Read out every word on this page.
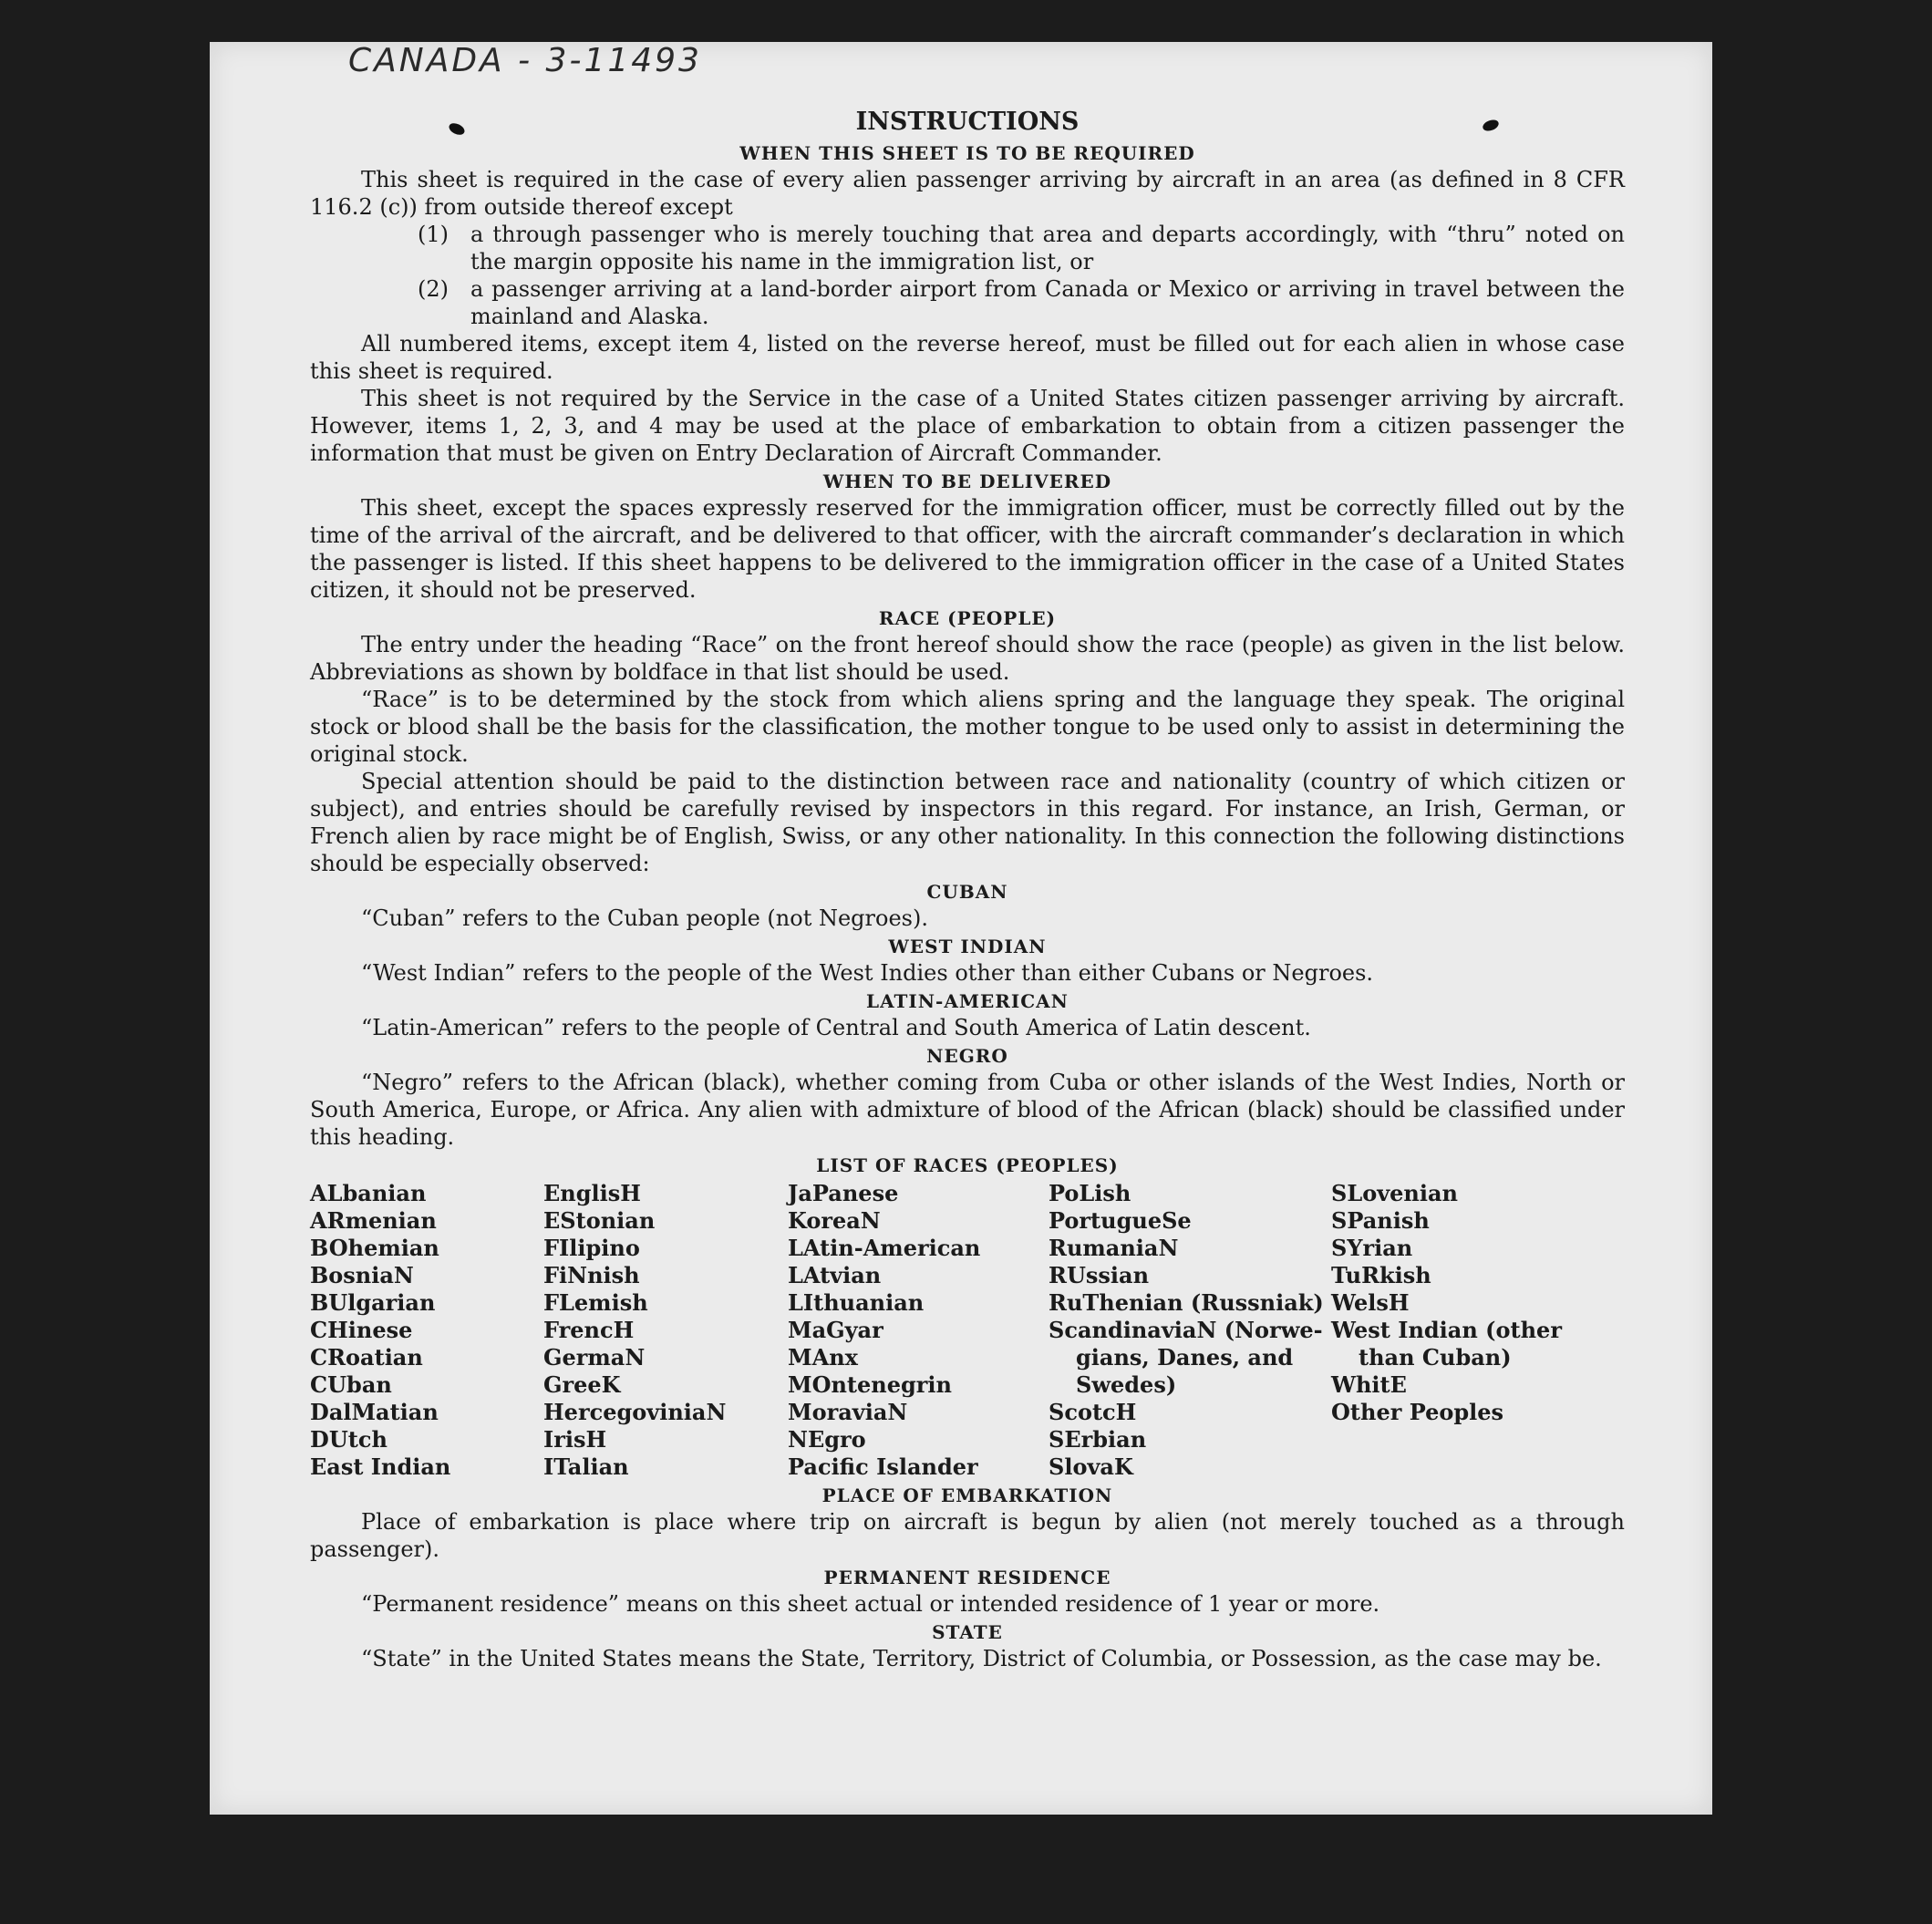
CANADA - 3-11493
INSTRUCTIONS
WHEN THIS SHEET IS TO BE REQUIRED

This sheet is required in the case of every alien passenger arriving by aircraft in an area (as defined in 8 CFR 116.2 (c)) from outside thereof except

(1)	a through passenger who is merely touching that area and departs accordingly, with “thru” noted on the margin opposite his name in the immigration list, or
(2)	a passenger arriving at a land-border airport from Canada or Mexico or arriving in travel between the mainland and Alaska.

All numbered items, except item 4, listed on the reverse hereof, must be filled out for each alien in whose case this sheet is required.

This sheet is not required by the Service in the case of a United States citizen passenger arriving by aircraft. However, items 1, 2, 3, and 4 may be used at the place of embarkation to obtain from a citizen passenger the information that must be given on Entry Declaration of Aircraft Commander.

WHEN TO BE DELIVERED

This sheet, except the spaces expressly reserved for the immigration officer, must be correctly filled out by the time of the arrival of the aircraft, and be delivered to that officer, with the aircraft commander’s declaration in which the passenger is listed. If this sheet happens to be delivered to the immigration officer in the case of a United States citizen, it should not be preserved.

RACE (PEOPLE)

The entry under the heading “Race” on the front hereof should show the race (people) as given in the list below. Abbreviations as shown by boldface in that list should be used.

“Race” is to be determined by the stock from which aliens spring and the language they speak. The original stock or blood shall be the basis for the classification, the mother tongue to be used only to assist in determining the original stock.

Special attention should be paid to the distinction between race and nationality (country of which citizen or subject), and entries should be carefully revised by inspectors in this regard. For instance, an Irish, German, or French alien by race might be of English, Swiss, or any other nationality. In this connection the following distinctions should be especially observed:

CUBAN

“Cuban” refers to the Cuban people (not Negroes).

WEST INDIAN

“West Indian” refers to the people of the West Indies other than either Cubans or Negroes.

LATIN-AMERICAN

“Latin-American” refers to the people of Central and South America of Latin descent.

NEGRO

“Negro” refers to the African (black), whether coming from Cuba or other islands of the West Indies, North or South America, Europe, or Africa. Any alien with admixture of blood of the African (black) should be classified under this heading.

LIST OF RACES (PEOPLES)
ALbanian
ARmenian
BOhemian
BosniaN
BUlgarian
CHinese
CRoatian
CUban
DalMatian
DUtch
East Indian
EnglisH
EStonian
FIlipino
FiNnish
FLemish
FrencH
GermaN
GreeK
HercegoviniaN
IrisH
ITalian
JaPanese
KoreaN
LAtin-American
LAtvian
LIthuanian
MaGyar
MAnx
MOntenegrin
MoraviaN
NEgro
Pacific Islander
PoLish
PortugueSe
RumaniaN
RUssian
RuThenian (Russniak)
ScandinaviaN (Norwe-
gians, Danes, and
Swedes)
ScotcH
SErbian
SlovaK
SLovenian
SPanish
SYrian
TuRkish
WelsH
West Indian (other
than Cuban)
WhitE
Other Peoples
PLACE OF EMBARKATION

Place of embarkation is place where trip on aircraft is begun by alien (not merely touched as a through passenger).

PERMANENT RESIDENCE

“Permanent residence” means on this sheet actual or intended residence of 1 year or more.

STATE

“State” in the United States means the State, Territory, District of Columbia, or Possession, as the case may be.
